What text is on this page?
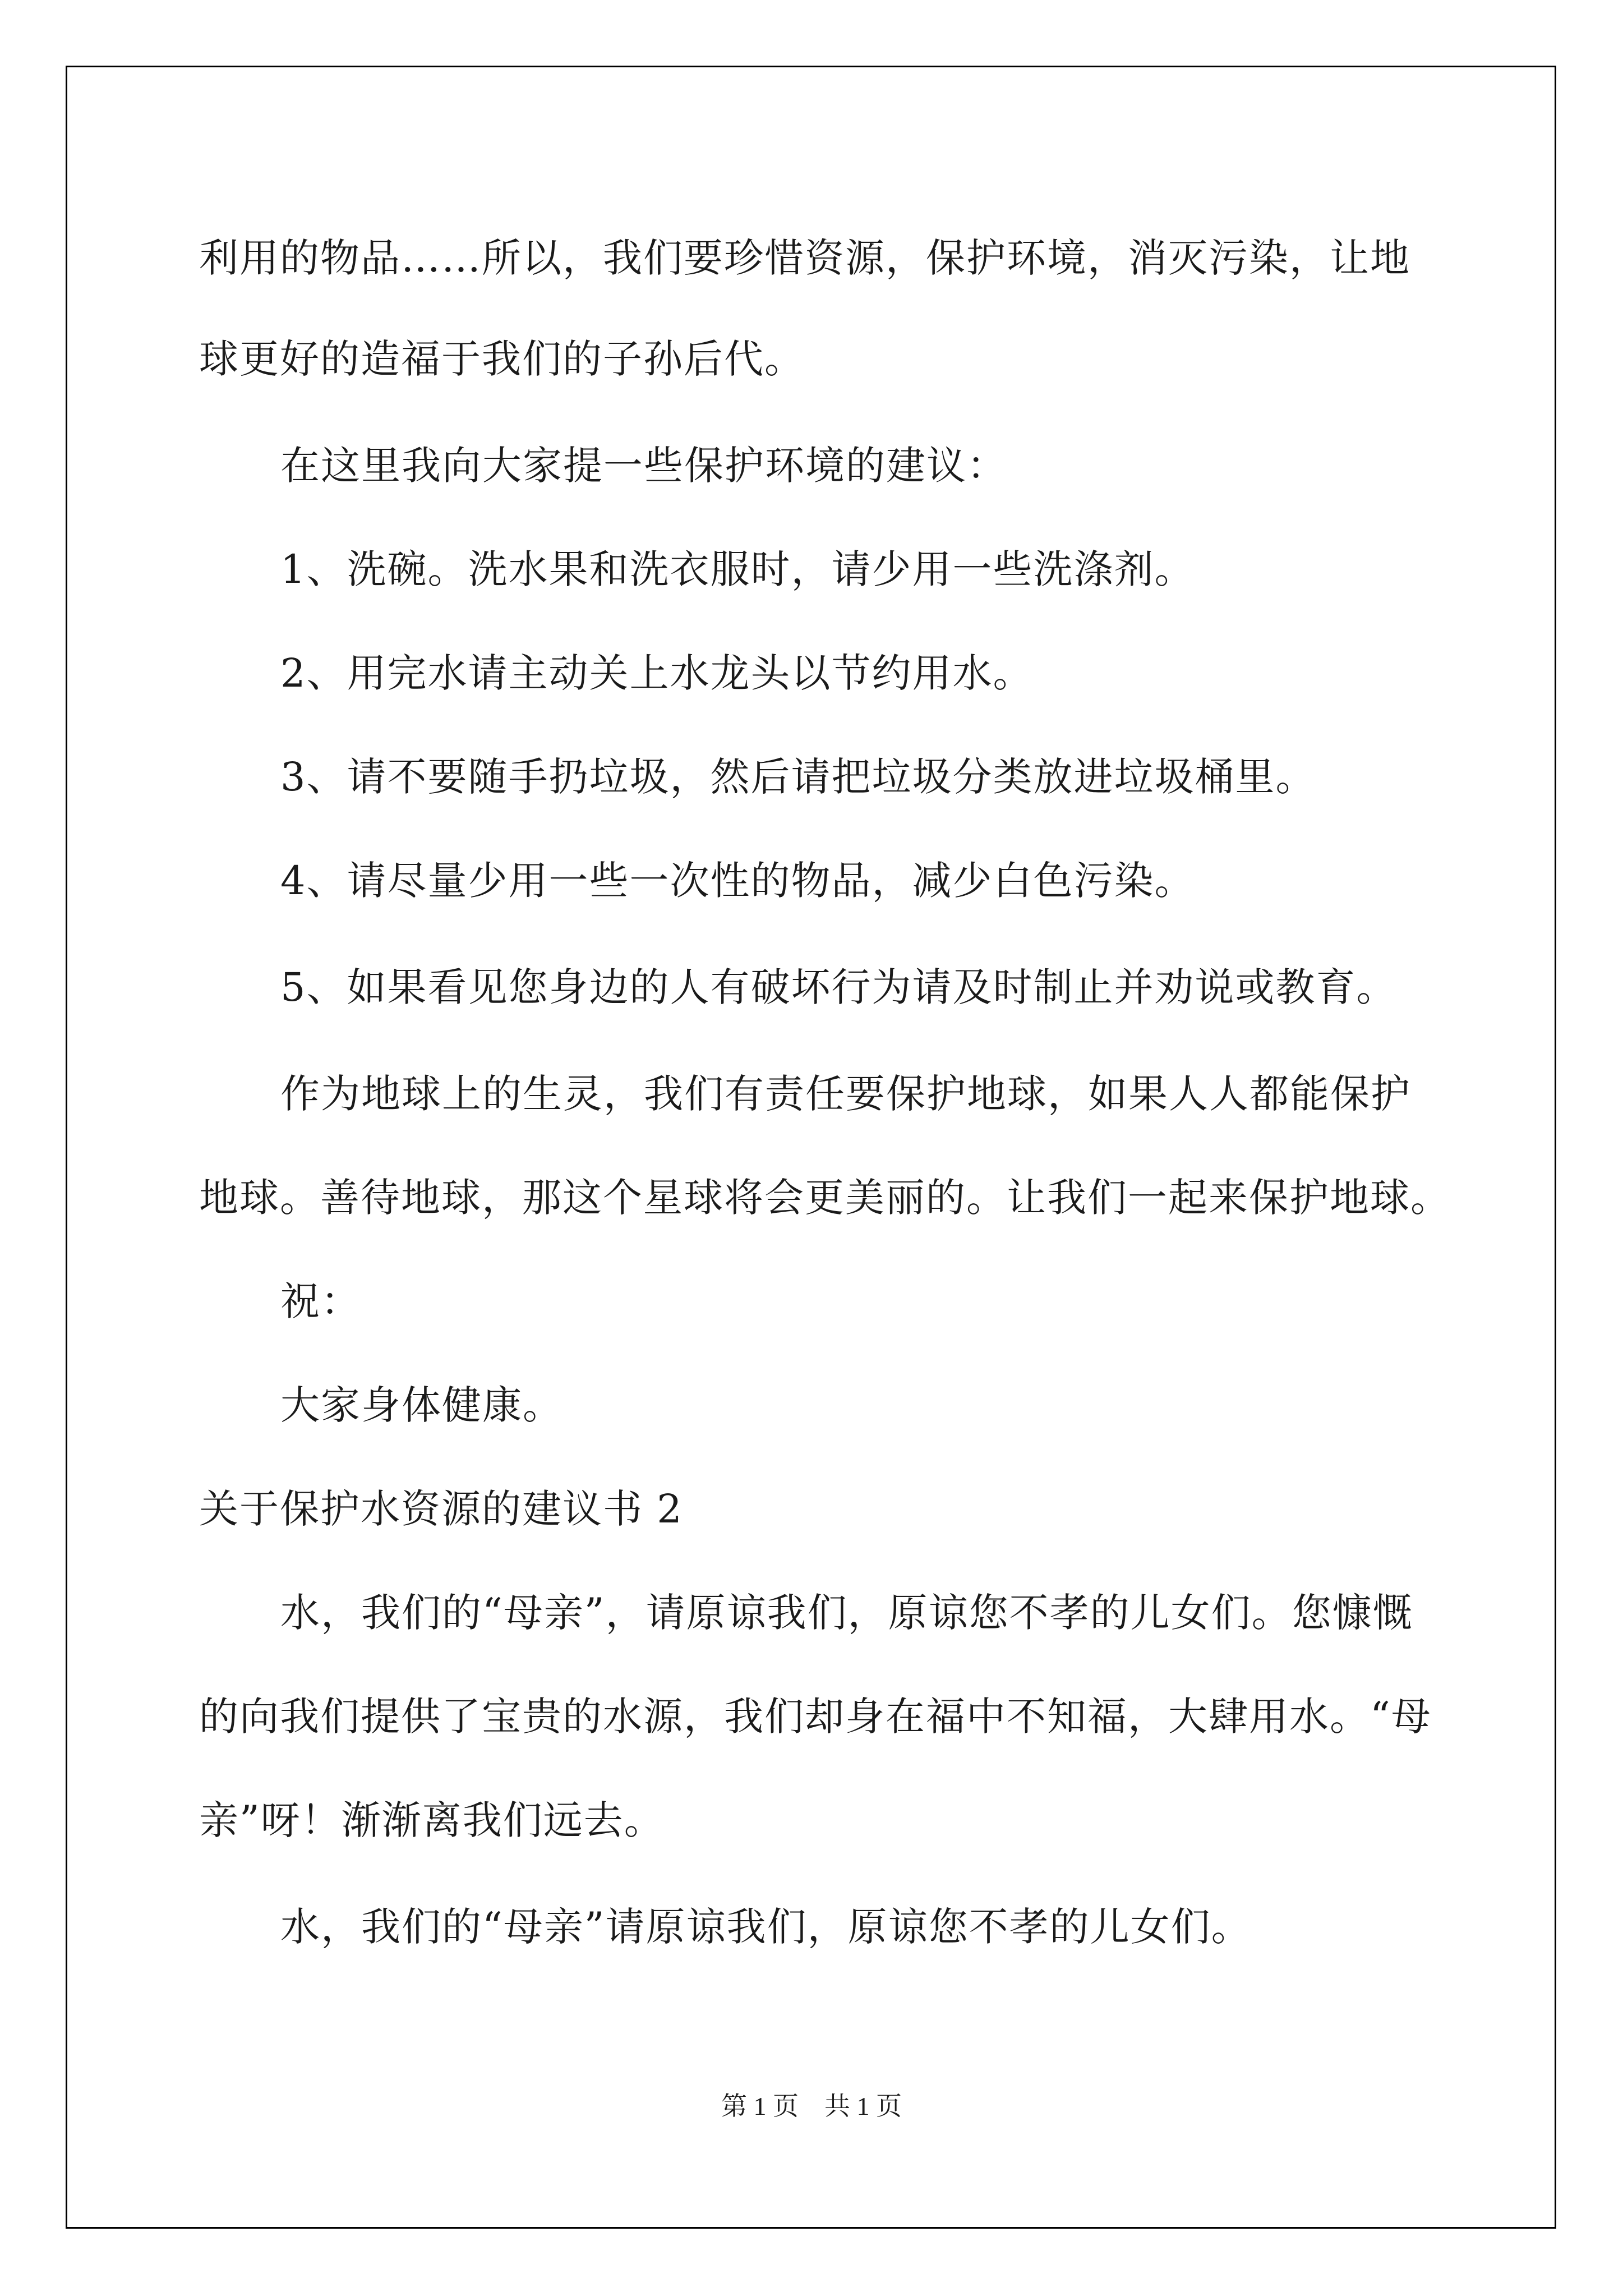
利用的物品……所以，我们要珍惜资源，保护环境，消灭污染，让地
球更好的造福于我们的子孙后代。
在这里我向大家提一些保护环境的建议：
1、洗碗。洗水果和洗衣服时，请少用一些洗涤剂。
2、用完水请主动关上水龙头以节约用水。
3、请不要随手扔垃圾，然后请把垃圾分类放进垃圾桶里。
4、请尽量少用一些一次性的物品，减少白色污染。
5、如果看见您身边的人有破坏行为请及时制止并劝说或教育。
作为地球上的生灵，我们有责任要保护地球，如果人人都能保护
地球。善待地球，那这个星球将会更美丽的。让我们一起来保护地球。
祝：
大家身体健康。
关于保护水资源的建议书 2
水，我们的“母亲”，请原谅我们，原谅您不孝的儿女们。您慷慨
的向我们提供了宝贵的水源，我们却身在福中不知福，大肆用水。“母
亲”呀！渐渐离我们远去。
水，我们的“母亲”请原谅我们，原谅您不孝的儿女们。
第 1 页　共 1 页
